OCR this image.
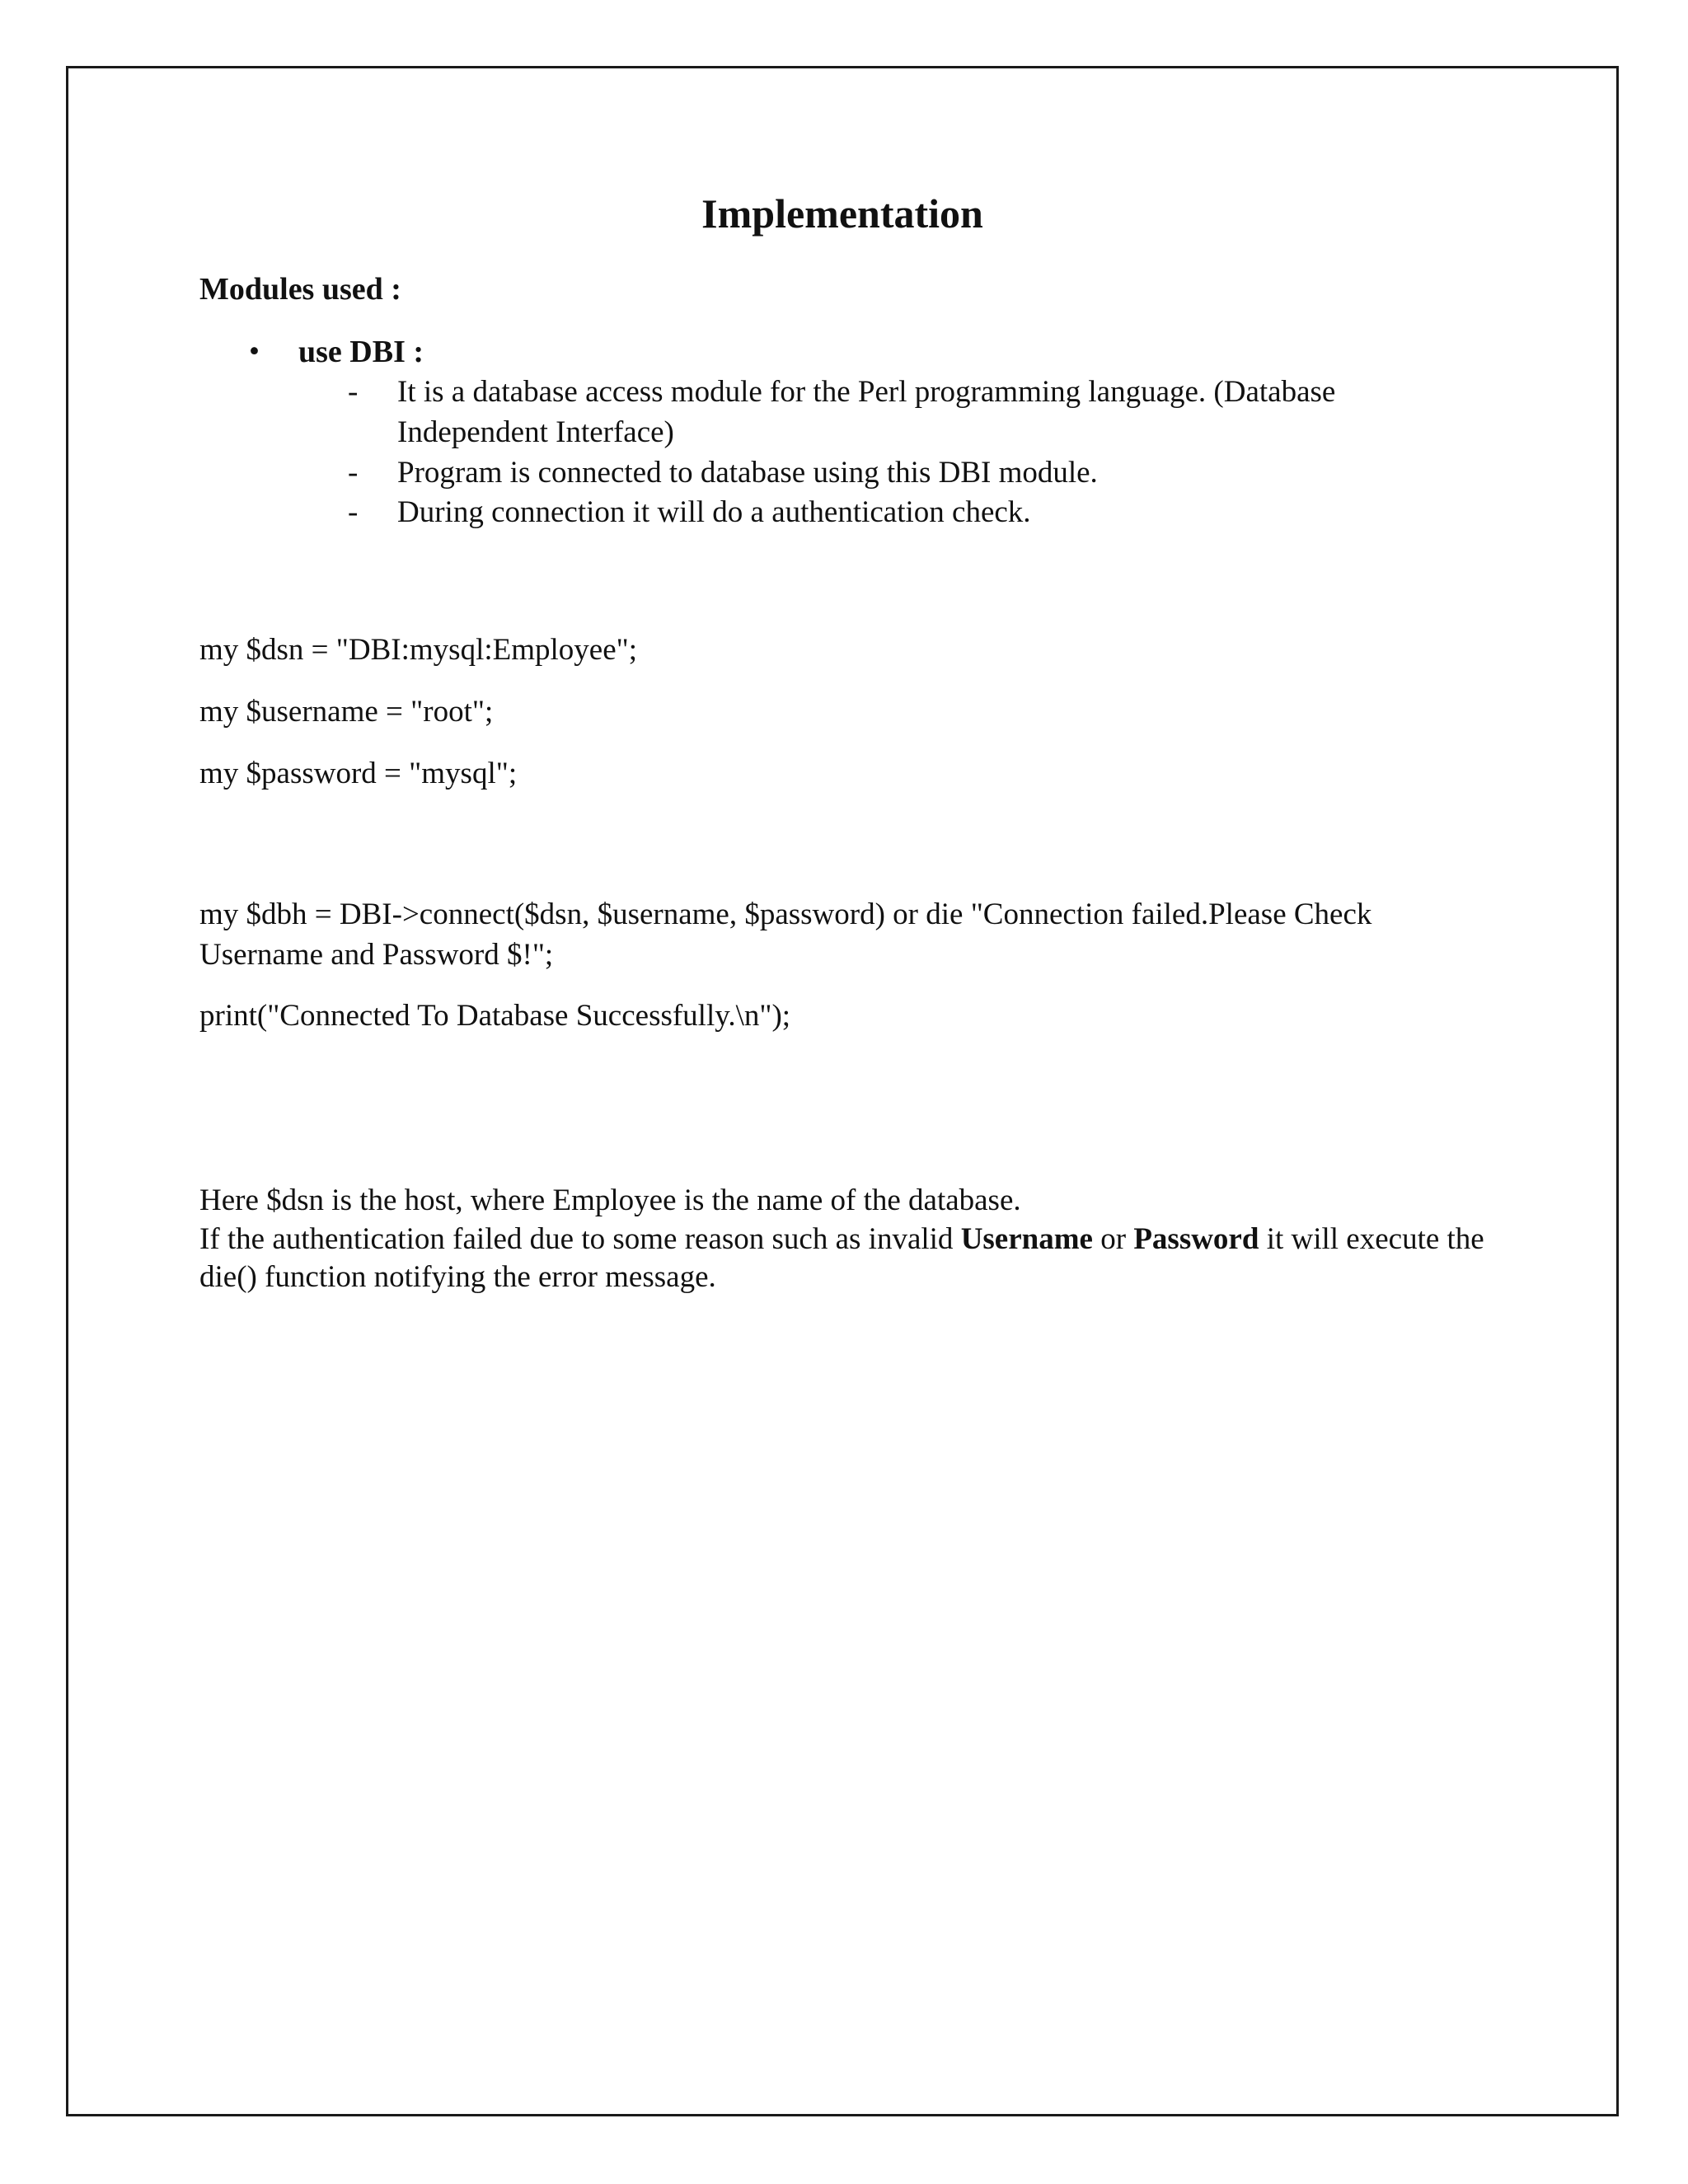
Implementation
Modules used :
• use DBI :
- It is a database access module for the Perl programming language. (Database Independent Interface)
- Program is connected to database using this DBI module.
- During connection it will do a authentication check.

my $dsn = "DBI:mysql:Employee";

my $username = "root";

my $password = "mysql";

my $dbh = DBI->connect($dsn, $username, $password) or die "Connection failed.Please Check Username and Password $!";

print("Connected To Database Successfully.\n");

Here $dsn is the host, where Employee is the name of the database.

If the authentication failed due to some reason such as invalid Username or Password it will execute the die() function notifying the error message.
